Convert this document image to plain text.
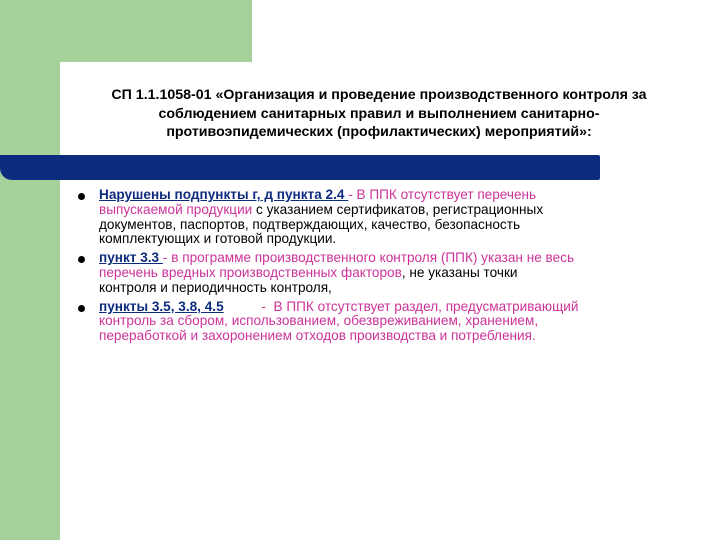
СП 1.1.1058-01 «Организация и проведение производственного контроля за
соблюдением санитарных правил и выполнением санитарно-
противоэпидемических (профилактических) мероприятий»:
Нарушены подпункты г, д пункта 2.4 - В ППК отсутствует перечень
выпускаемой продукции с указанием сертификатов, регистрационных
документов, паспортов, подтверждающих, качество, безопасность
комплектующих и готовой продукции.
пункт 3.3 - в программе производственного контроля (ППК) указан не весь
перечень вредных производственных факторов, не указаны точки
контроля и периодичность контроля,
пункты 3.5, 3.8, 4.5          -  В ППК отсутствует раздел, предусматривающий
контроль за сбором, использованием, обезвреживанием, хранением,
переработкой и захоронением отходов производства и потребления.
